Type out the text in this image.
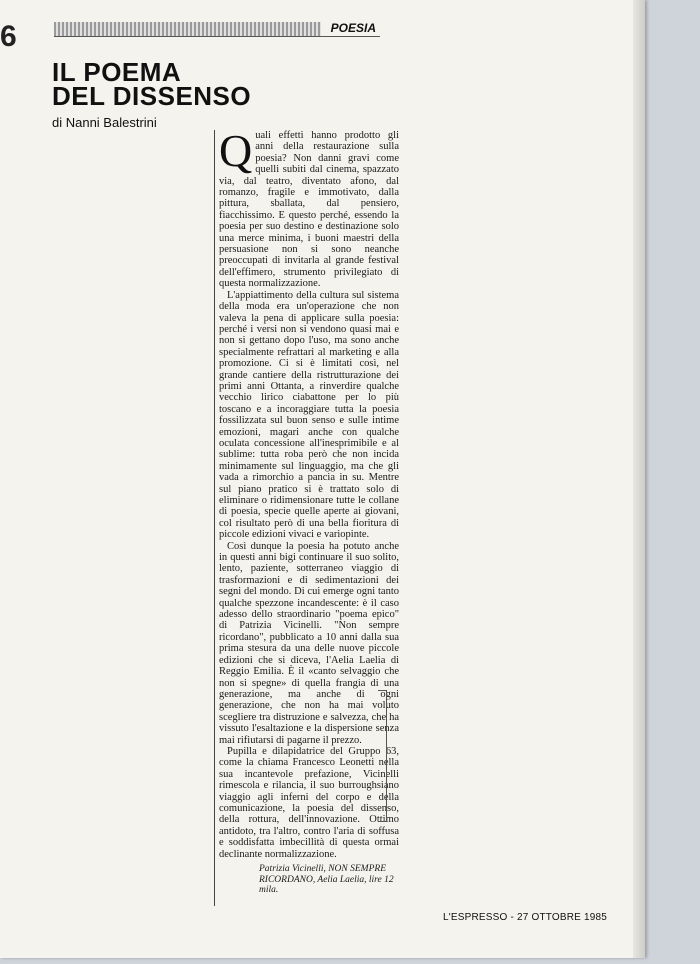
6	POESIA
IL POEMA
DEL DISSENSO
di Nanni Balestrini

Quali effetti hanno prodotto gli anni della restaurazione sulla poesia? Non danni gravi come quelli subiti dal cinema, spazzato via, dal teatro, diventato afono, dal romanzo, fragile e immotivato, dalla pittura, sballata, dal pensiero, fiacchissimo. E questo perché, essendo la poesia per suo destino e destinazione solo una merce minima, i buoni maestri della persuasione non si sono neanche preoccupati di invitarla al grande festival dell'effimero, strumento privilegiato di questa normalizzazione.

L'appiattimento della cultura sul sistema della moda era un'operazione che non valeva la pena di applicare sulla poesia: perché i versi non si vendono quasi mai e non si gettano dopo l'uso, ma sono anche specialmente refrattari al marketing e alla promozione. Ci si è limitati così, nel grande cantiere della ristrutturazione dei primi anni Ottanta, a rinverdire qualche vecchio lirico ciabattone per lo più toscano e a incoraggiare tutta la poesia fossilizzata sul buon senso e sulle intime emozioni, magari anche con qualche oculata concessione all'inesprimibile e al sublime: tutta roba però che non incida minimamente sul linguaggio, ma che gli vada a rimorchio a pancia in su. Mentre sul piano pratico si è trattato solo di eliminare o ridimensionare tutte le collane di poesia, specie quelle aperte ai giovani, col risultato però di una bella fioritura di piccole edizioni vivaci e variopinte.

Così dunque la poesia ha potuto anche in questi anni bigi continuare il suo solito, lento, paziente, sotterraneo viaggio di trasformazioni e di sedimentazioni dei segni del mondo. Di cui emerge ogni tanto qualche spezzone incandescente: è il caso adesso dello straordinario "poema epico" di Patrizia Vicinelli. "Non sempre ricordano", pubblicato a 10 anni dalla sua prima stesura da una delle nuove piccole edizioni che si diceva, l'Aelia Laelia di Reggio Emilia. È il «canto selvaggio che non si spegne» di quella frangia di una generazione, ma anche di ogni generazione, che non ha mai voluto scegliere tra distruzione e salvezza, che ha vissuto l'esaltazione e la dispersione senza mai rifiutarsi di pagarne il prezzo.

Pupilla e dilapidatrice del Gruppo 63, come la chiama Francesco Leonetti nella sua incantevole prefazione, Vicinelli rimescola e rilancia, il suo burroughsiano viaggio agli inferni del corpo e della comunicazione, la poesia del dissenso, della rottura, dell'innovazione. Ottimo antidoto, tra l'altro, contro l'aria di soffusa e soddisfatta imbecillità di questa ormai declinante normalizzazione.

Patrizia Vicinelli, NON SEMPRE RICORDANO, Aelia Laelia, lire 12 mila.
L'ESPRESSO - 27 OTTOBRE 1985
